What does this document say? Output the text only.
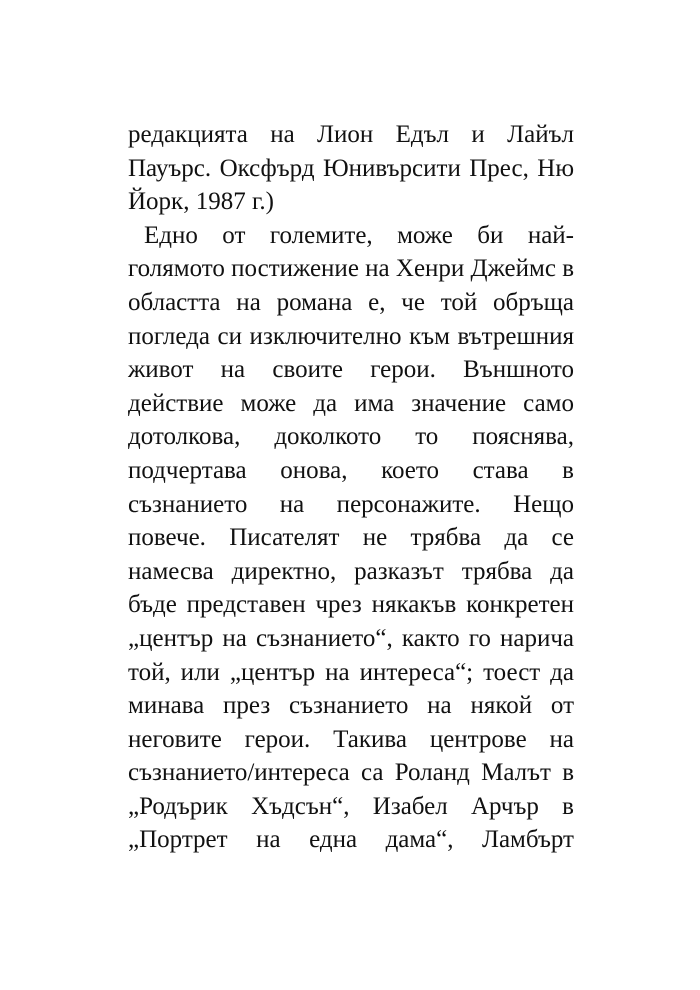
редакцията на Лион Едъл и Лайъл
Пауърс. Оксфърд Юнивърсити Прес, Ню
Йорк, 1987 г.)
Едно от големите, може би най-
голямото постижение на Хенри Джеймс в
областта на романа е, че той обръща
погледа си изключително към вътрешния
живот на своите герои. Външното
действие може да има значение само
дотолкова, доколкото то пояснява,
подчертава онова, което става в
съзнанието на персонажите. Нещо
повече. Писателят не трябва да се
намесва директно, разказът трябва да
бъде представен чрез някакъв конкретен
„център на съзнанието“, както го нарича
той, или „център на интереса“; тоест да
минава през съзнанието на някой от
неговите герои. Такива центрове на
съзнанието/интереса са Роланд Малът в
„Родърик Хъдсън“, Изабел Арчър в
„Портрет на една дама“, Ламбърт
